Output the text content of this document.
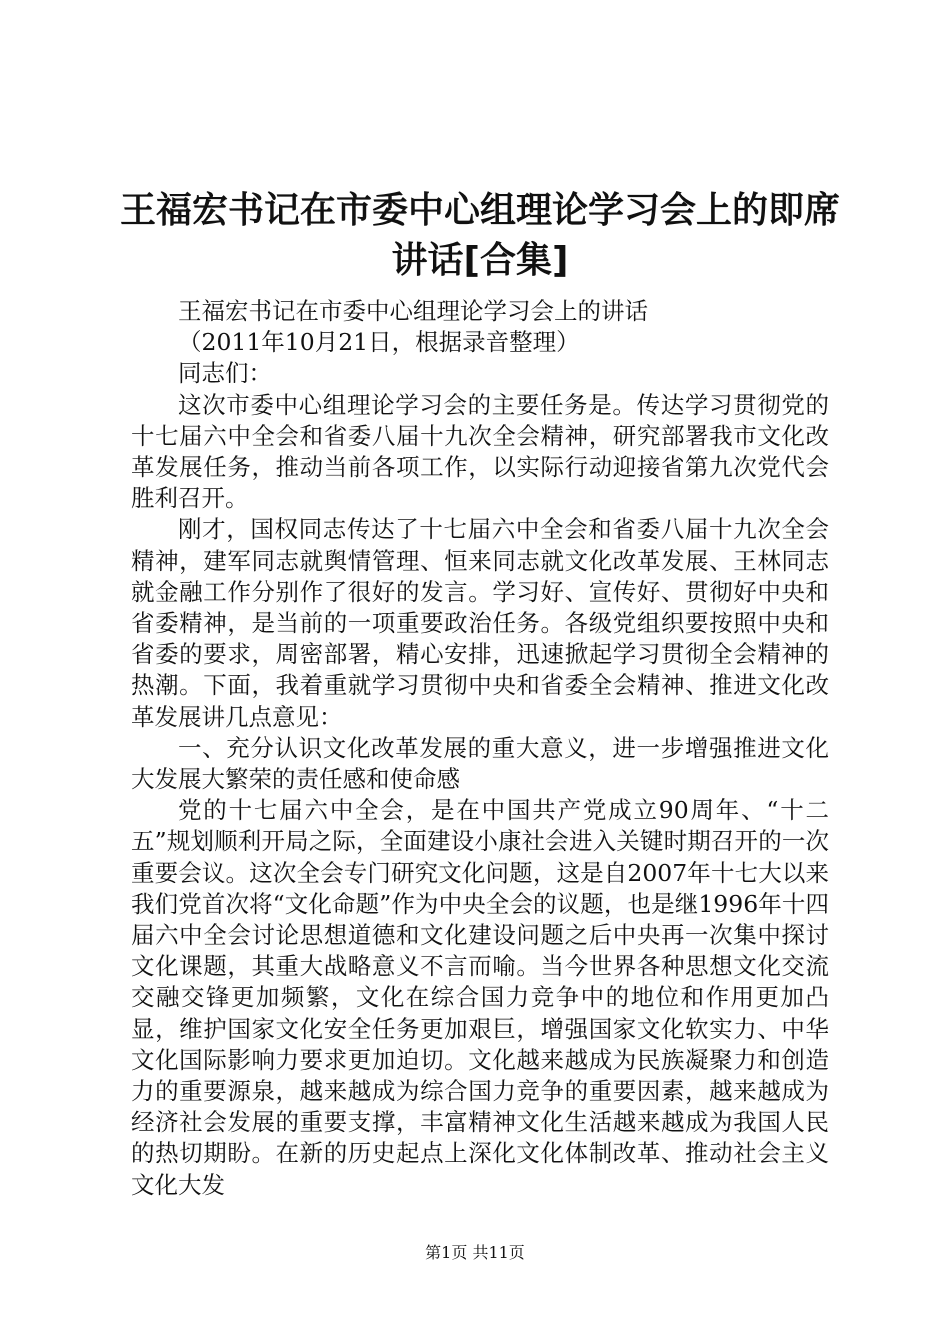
王福宏书记在市委中心组理论学习会上的即席
讲话[合集]

王福宏书记在市委中心组理论学习会上的讲话

（2011年10月21日，根据录音整理）

同志们：

这次市委中心组理论学习会的主要任务是。传达学习贯彻党的十七届六中全会和省委八届十九次全会精神，研究部署我市文化改革发展任务，推动当前各项工作，以实际行动迎接省第九次党代会胜利召开。

刚才，国权同志传达了十七届六中全会和省委八届十九次全会精神，建军同志就舆情管理、恒来同志就文化改革发展、王林同志就金融工作分别作了很好的发言。学习好、宣传好、贯彻好中央和省委精神，是当前的一项重要政治任务。各级党组织要按照中央和省委的要求，周密部署，精心安排，迅速掀起学习贯彻全会精神的热潮。下面，我着重就学习贯彻中央和省委全会精神、推进文化改革发展讲几点意见：

一、充分认识文化改革发展的重大意义，进一步增强推进文化大发展大繁荣的责任感和使命感

党的十七届六中全会，是在中国共产党成立90周年、“十二五”规划顺利开局之际，全面建设小康社会进入关键时期召开的一次重要会议。这次全会专门研究文化问题，这是自2007年十七大以来我们党首次将“文化命题”作为中央全会的议题，也是继1996年十四届六中全会讨论思想道德和文化建设问题之后中央再一次集中探讨文化课题，其重大战略意义不言而喻。当今世界各种思想文化交流交融交锋更加频繁，文化在综合国力竞争中的地位和作用更加凸显，维护国家文化安全任务更加艰巨，增强国家文化软实力、中华文化国际影响力要求更加迫切。文化越来越成为民族凝聚力和创造力的重要源泉，越来越成为综合国力竞争的重要因素，越来越成为经济社会发展的重要支撑，丰富精神文化生活越来越成为我国人民的热切期盼。在新的历史起点上深化文化体制改革、推动社会主义文化大发

第1页 共11页
